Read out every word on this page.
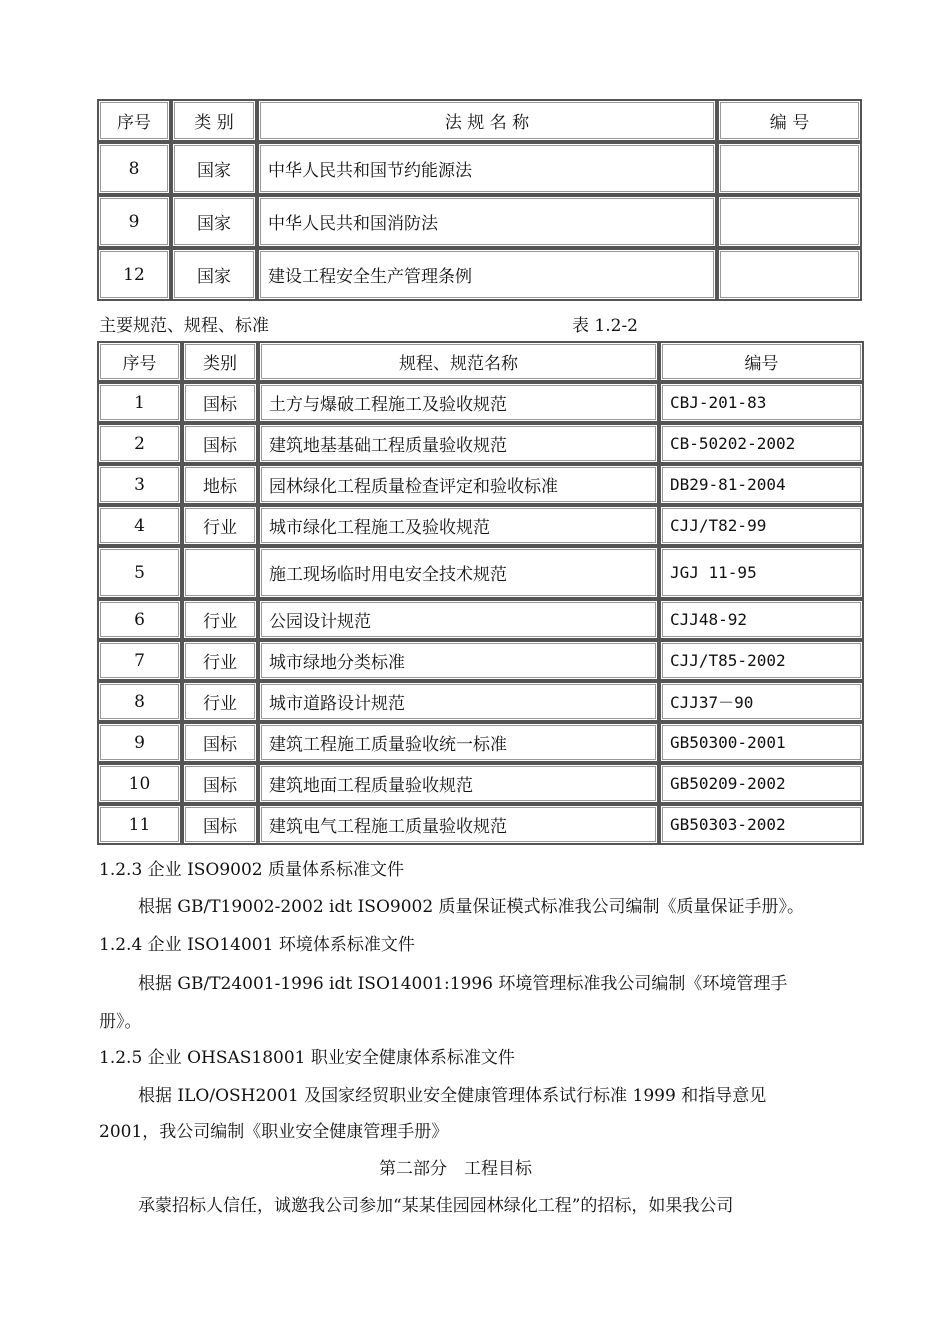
序号	类 别	法 规 名 称	编 号
8	国家	中华人民共和国节约能源法	
9	国家	中华人民共和国消防法	
12	国家	建设工程安全生产管理条例	
主要规范、规程、标准	表 1.2-2
序号	类别	规程、规范名称	编号
1	国标	土方与爆破工程施工及验收规范	CBJ-201-83
2	国标	建筑地基基础工程质量验收规范	CB-50202-2002
3	地标	园林绿化工程质量检查评定和验收标准	DB29-81-2004
4	行业	城市绿化工程施工及验收规范	CJJ/T82-99
5		施工现场临时用电安全技术规范	JGJ 11-95
6	行业	公园设计规范	CJJ48-92
7	行业	城市绿地分类标准	CJJ/T85-2002
8	行业	城市道路设计规范	CJJ37－90
9	国标	建筑工程施工质量验收统一标准	GB50300-2001
10	国标	建筑地面工程质量验收规范	GB50209-2002
11	国标	建筑电气工程施工质量验收规范	GB50303-2002
1.2.3 企业 ISO9002 质量体系标准文件
根据 GB/T19002-2002 idt ISO9002 质量保证模式标准我公司编制《质量保证手册》。
1.2.4 企业 ISO14001 环境体系标准文件
根据 GB/T24001-1996 idt ISO14001:1996 环境管理标准我公司编制《环境管理手
册》。
1.2.5 企业 OHSAS18001 职业安全健康体系标准文件
根据 ILO/OSH2001 及国家经贸职业安全健康管理体系试行标准 1999 和指导意见
2001，我公司编制《职业安全健康管理手册》
第二部分　工程目标
承蒙招标人信任，诚邀我公司参加“某某佳园园林绿化工程”的招标，如果我公司
